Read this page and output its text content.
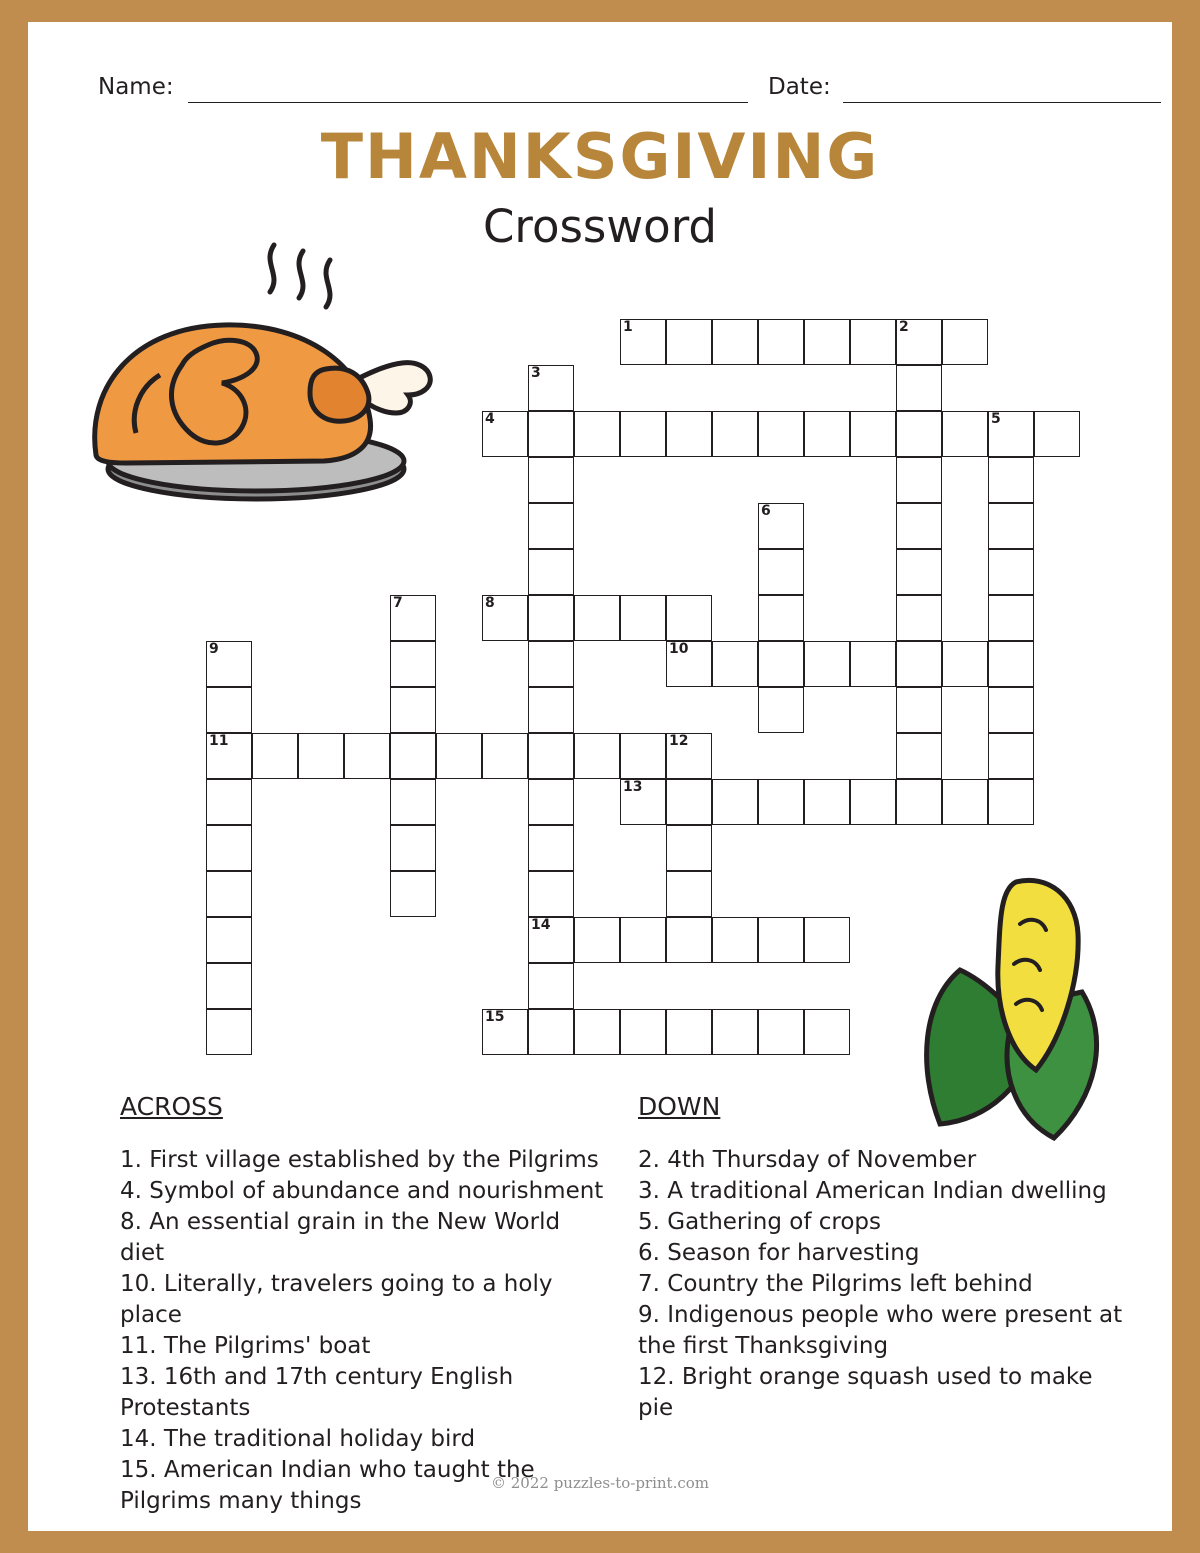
Name:	Date:
THANKSGIVING
Crossword
1	2
3
14
4	5
6
7	8
9
11
10
12
13
15
ACROSS
1. First village established by the Pilgrims
4. Symbol of abundance and nourishment
8. An essential grain in the New World diet
10. Literally, travelers going to a holy place
11. The Pilgrims' boat
13. 16th and 17th century English Protestants
14. The traditional holiday bird
15. American Indian who taught the Pilgrims many things
DOWN
2. 4th Thursday of November
3. A traditional American Indian dwelling
5. Gathering of crops
6. Season for harvesting
7. Country the Pilgrims left behind
9. Indigenous people who were present at the first Thanksgiving
12. Bright orange squash used to make pie
© 2022 puzzles-to-print.com
